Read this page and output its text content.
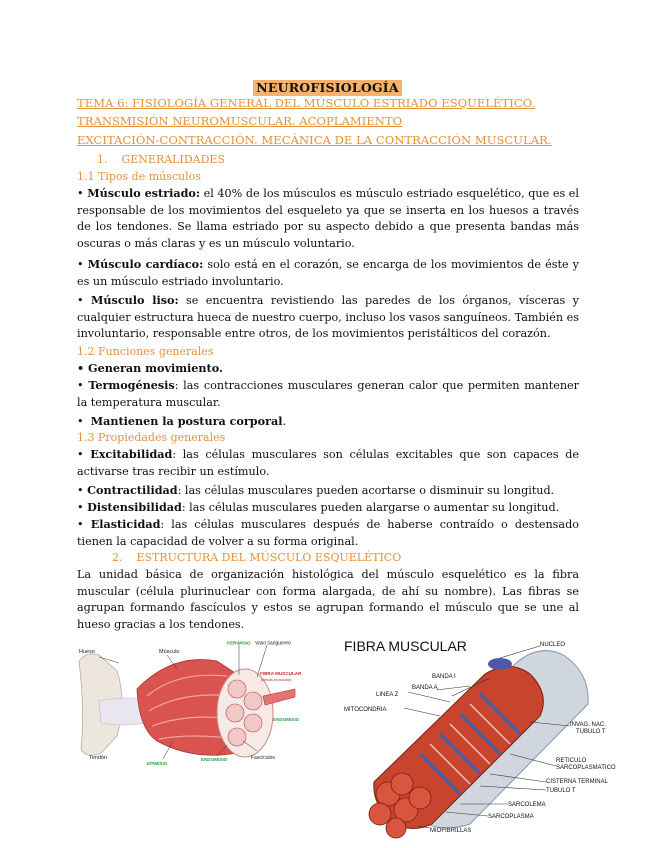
NEUROFISIOLOGÍA
TEMA 6: FISIOLOGÍA GENERAL DEL MÚSCULO ESTRIADO ESQUELÉTICO.
TRANSMISIÓN NEUROMUSCULAR. ACOPLAMIENTO
EXCITACIÓN-CONTRACCIÓN. MECÁNICA DE LA CONTRACCIÓN MUSCULAR.
1.    GENERALIDADES
1.1 Tipos de músculos

• Músculo estriado: el 40% de los músculos es músculo estriado esquelético, que es el responsable de los movimientos del esqueleto ya que se inserta en los huesos a través de los tendones. Se llama estriado por su aspecto debido a que presenta bandas más oscuras o más claras y es un músculo voluntario.

• Músculo cardíaco: solo está en el corazón, se encarga de los movimientos de éste y es un músculo estriado involuntario.

• Músculo liso: se encuentra revistiendo las paredes de los órganos, vísceras y cualquier estructura hueca de nuestro cuerpo, incluso los vasos sanguíneos. También es involuntario, responsable entre otros, de los movimientos peristálticos del corazón.

1.2 Funciones generales

• Generan movimiento.

• Termogénesis: las contracciones musculares generan calor que permiten mantener la temperatura muscular.

•  Mantienen la postura corporal.

1.3 Propiedades generales

• Excitabilidad: las células musculares son células excitables que son capaces de activarse tras recibir un estímulo.

• Contractilidad: las células musculares pueden acortarse o disminuir su longitud.

• Distensibilidad: las células musculares pueden alargarse o aumentar su longitud.

• Elasticidad: las células musculares después de haberse contraído o destensado tienen la capacidad de volver a su forma original.

2.    ESTRUCTURA DEL MÚSCULO ESQUELÉTICO

La unidad básica de organización histológica del músculo esquelético es la fibra muscular (célula plurinuclear con forma alargada, de ahí su nombre). Las fibras se agrupan formando fascículos y estos se agrupan formando el músculo que se une al hueso gracias a los tendones.

Hueso	Músculo
PERIMISIO Vaso sanguíneo
FIBRA MUSCULAR
(célula muscular)
ENDOMISIO
Tendón
EPIMISIO
ENDOMISIO	Fascículos
FIBRA MUSCULAR	NUCLEO
BANDA I
BANDA A
LINEA Z
MITOCONDRIA
INVAG. NAC.
TUBULO T
RETICULO
SARCOPLASMATICO
CISTERNA TERMINAL
TUBULO T
SARCOLEMA
SARCOPLASMA
MIOFIBRILLAS
